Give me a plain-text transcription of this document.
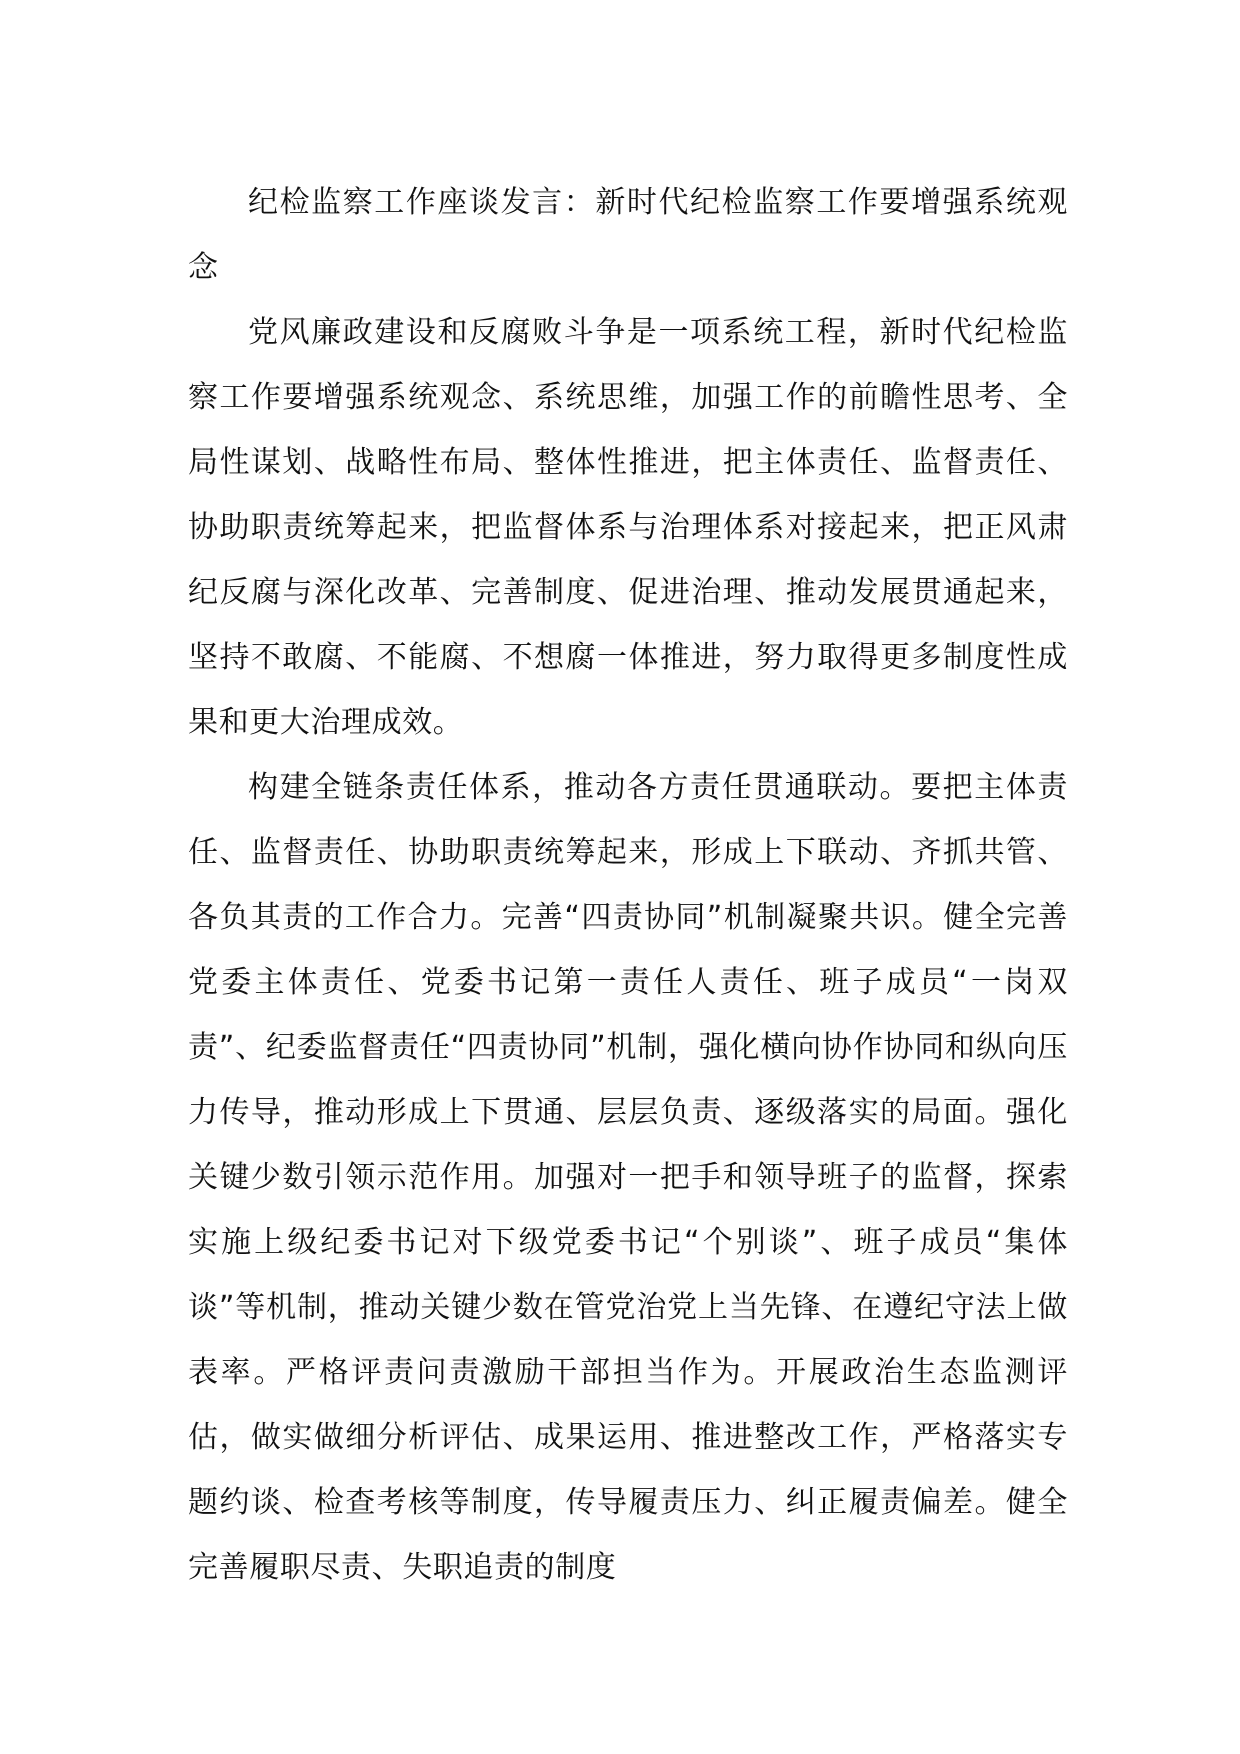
纪检监察工作座谈发言：新时代纪检监察工作要增强系统观念

党风廉政建设和反腐败斗争是一项系统工程，新时代纪检监察工作要增强系统观念、系统思维，加强工作的前瞻性思考、全局性谋划、战略性布局、整体性推进，把主体责任、监督责任、协助职责统筹起来，把监督体系与治理体系对接起来，把正风肃纪反腐与深化改革、完善制度、促进治理、推动发展贯通起来，坚持不敢腐、不能腐、不想腐一体推进，努力取得更多制度性成果和更大治理成效。

构建全链条责任体系，推动各方责任贯通联动。要把主体责任、监督责任、协助职责统筹起来，形成上下联动、齐抓共管、各负其责的工作合力。完善“四责协同”机制凝聚共识。健全完善党委主体责任、党委书记第一责任人责任、班子成员“一岗双责”、纪委监督责任“四责协同”机制，强化横向协作协同和纵向压力传导，推动形成上下贯通、层层负责、逐级落实的局面。强化关键少数引领示范作用。加强对一把手和领导班子的监督，探索实施上级纪委书记对下级党委书记“个别谈”、班子成员“集体谈”等机制，推动关键少数在管党治党上当先锋、在遵纪守法上做表率。严格评责问责激励干部担当作为。开展政治生态监测评估，做实做细分析评估、成果运用、推进整改工作，严格落实专题约谈、检查考核等制度，传导履责压力、纠正履责偏差。健全完善履职尽责、失职追责的制度
